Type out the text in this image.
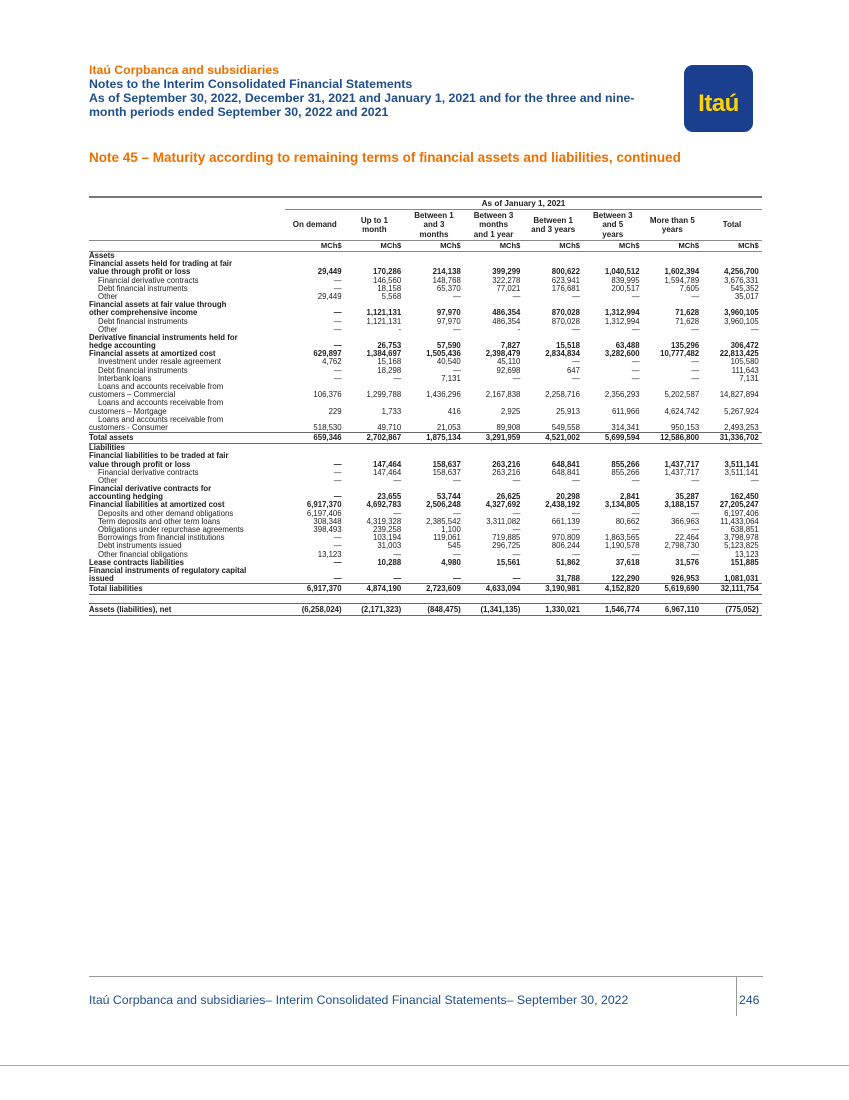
Itaú Corpbanca and subsidiaries
Notes to the Interim Consolidated Financial Statements
As of September 30, 2022, December 31, 2021 and January 1, 2021 and for the three and nine-
month periods ended September 30, 2022 and 2021	Itaú
Note 45 – Maturity according to remaining terms of financial assets and liabilities, continued
As of January 1, 2021
On demand
Up to 1
month
Between 1
and 3
months
Between 3
months
and 1 year
Between 1
and 3 years
Between 3
and 5
years
More than 5
years
Total
MCh$	MCh$	MCh$	MCh$	MCh$	MCh$	MCh$	MCh$
Assets
Financial assets held for trading at fair
value through profit or loss	29,449	170,286	214,138	399,299	800,622	1,040,512	1,602,394	4,256,700
Financial derivative contracts	—	146,560	148,768	322,278	623,941	839,995	1,594,789	3,676,331
Debt financial instruments	—	18,158	65,370	77,021	176,681	200,517	7,605	545,352
Other	29,449	5,568	—	—	—	—	—	35,017
Financial assets at fair value through
other comprehensive income	—	1,121,131	97,970	486,354	870,028	1,312,994	71,628	3,960,105
Debt financial instruments	—	1,121,131	97,970	486,354	870,028	1,312,994	71,628	3,960,105
Other	—	-	—	-	—	—	—	—
Derivative financial instruments held for
hedge accounting	—	26,753	57,590	7,827	15,518	63,488	135,296	306,472
Financial assets at amortized cost	629,897	1,384,697	1,505,436	2,398,479	2,834,834	3,282,600	10,777,482	22,813,425
Investment under resale agreement	4,762	15,168	40,540	45,110	—	—	—	105,580
Debt financial instruments	—	18,298	—	92,698	647	—	—	111,643
Interbank loans	—	—	7,131	—	—	—	—	7,131
Loans and accounts receivable from
customers – Commercial	106,376	1,299,788	1,436,296	2,167,838	2,258,716	2,356,293	5,202,587	14,827,894
Loans and accounts receivable from
customers – Mortgage	229	1,733	416	2,925	25,913	611,966	4,624,742	5,267,924
Loans and accounts receivable from
customers - Consumer	518,530	49,710	21,053	89,908	549,558	314,341	950,153	2,493,253
Total assets	659,346	2,702,867	1,875,134	3,291,959	4,521,002	5,699,594	12,586,800	31,336,702
Liabilities
Financial liabilities to be traded at fair
value through profit or loss	—	147,464	158,637	263,216	648,841	855,266	1,437,717	3,511,141
Financial derivative contracts	—	147,464	158,637	263,216	648,841	855,266	1,437,717	3,511,141
Other	—	—	—	—	—	—	—	—
Financial derivative contracts for
accounting hedging	—	23,655	53,744	26,625	20,298	2,841	35,287	162,450
Financial liabilities at amortized cost	6,917,370	4,692,783	2,506,248	4,327,692	2,438,192	3,134,805	3,188,157	27,205,247
Deposits and other demand obligations	6,197,406	—	—	—	—	—	—	6,197,406
Term deposits and other term loans	308,348	4,319,328	2,385,542	3,311,082	661,139	80,662	366,963	11,433,064
Obligations under repurchase agreements	398,493	239,258	1,100	—	—	—	—	638,851
Borrowings from financial institutions	—	103,194	119,061	719,885	970,809	1,863,565	22,464	3,798,978
Debt instruments issued	—	31,003	545	296,725	806,244	1,190,578	2,798,730	5,123,825
Other financial obligations	13,123	—	—	—	—	—	—	13,123
Lease contracts liabilities	—	10,288	4,980	15,561	51,862	37,618	31,576	151,885
Financial instruments of regulatory capital
issued	—	—	—	—	31,788	122,290	926,953	1,081,031
Total liabilities	6,917,370	4,874,190	2,723,609	4,633,094	3,190,981	4,152,820	5,619,690	32,111,754
Assets (liabilities), net	(6,258,024)	(2,171,323)	(848,475)	(1,341,135)	1,330,021	1,546,774	6,967,110	(775,052)
Itaú Corpbanca and subsidiaries– Interim Consolidated Financial Statements– September 30, 2022	246
